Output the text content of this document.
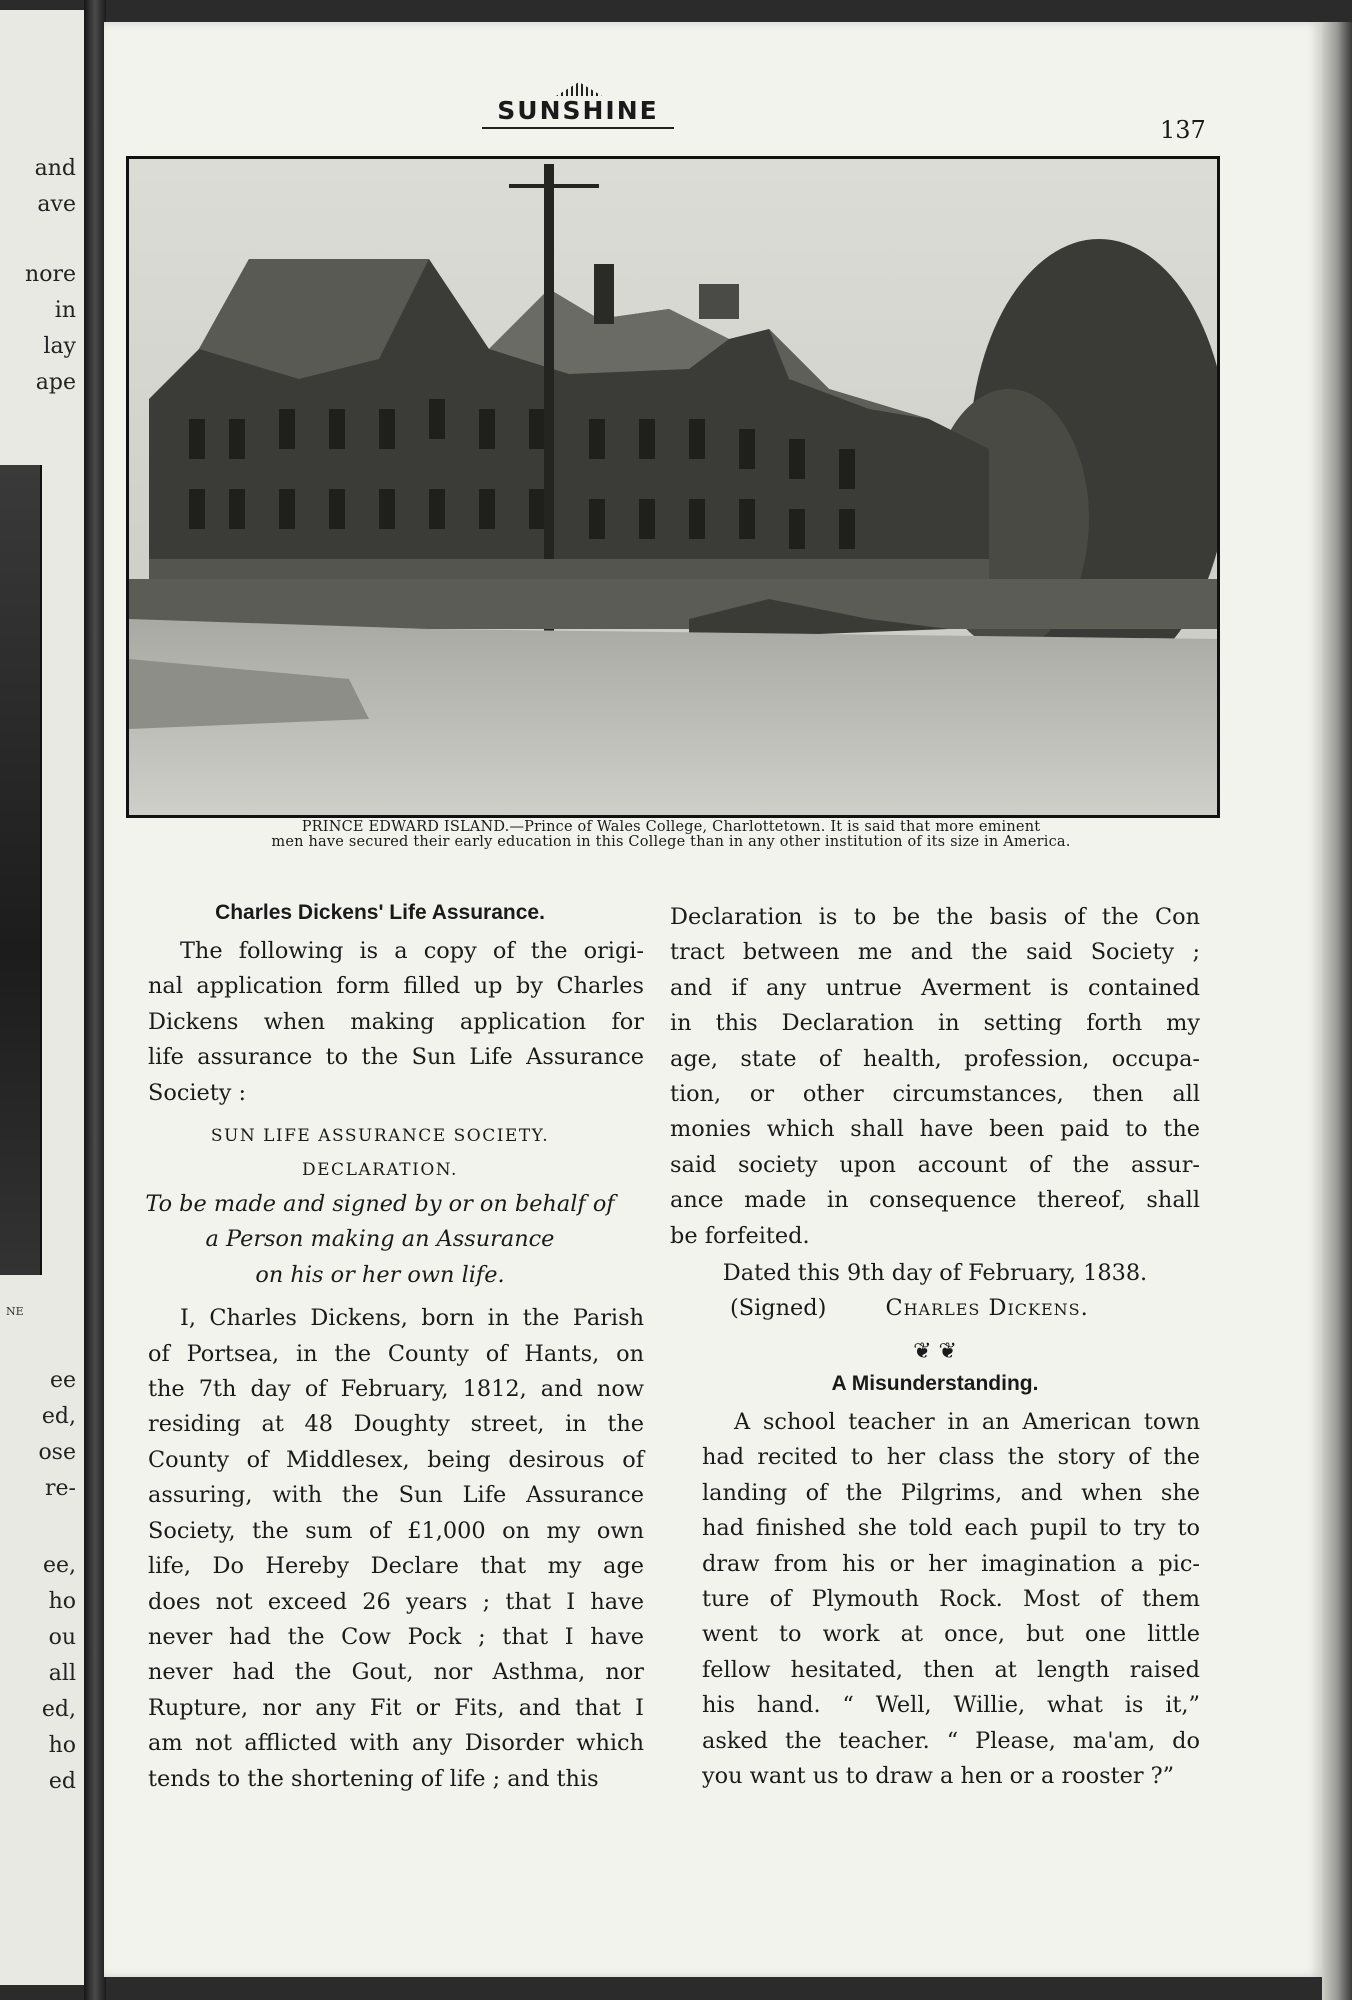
and
ave
nore
in
lay
ape
NE
ee
ed,
ose
re-
ee,
ho
ou
all
ed,
ho
ed
SUNSHINE
137
PRINCE EDWARD ISLAND.—Prince of Wales College, Charlottetown. It is said that more eminent
men have secured their early education in this College than in any other institution of its size in America.
Charles Dickens' Life Assurance.
The following is a copy of the origi-
nal application form filled up by Charles
Dickens when making application for
life assurance to the Sun Life Assurance
Society :
SUN LIFE ASSURANCE SOCIETY.
DECLARATION.
To be made and signed by or on behalf of
a Person making an Assurance
on his or her own life.
I, Charles Dickens, born in the Parish
of Portsea, in the County of Hants, on
the 7th day of February, 1812, and now
residing at 48 Doughty street, in the
County of Middlesex, being desirous of
assuring, with the Sun Life Assurance
Society, the sum of £1,000 on my own
life, Do Hereby Declare that my age
does not exceed 26 years ; that I have
never had the Cow Pock ; that I have
never had the Gout, nor Asthma, nor
Rupture, nor any Fit or Fits, and that I
am not afflicted with any Disorder which
tends to the shortening of life ; and this
Declaration is to be the basis of the Con
tract between me and the said Society ;
and if any untrue Averment is contained
in this Declaration in setting forth my
age, state of health, profession, occupa-
tion, or other circumstances, then all
monies which shall have been paid to the
said society upon account of the assur-
ance made in consequence thereof, shall
be forfeited.
Dated this 9th day of February, 1838.
(Signed)	Charles Dickens.
❦ ❦
A Misunderstanding.
A school teacher in an American town
had recited to her class the story of the
landing of the Pilgrims, and when she
had finished she told each pupil to try to
draw from his or her imagination a pic-
ture of Plymouth Rock. Most of them
went to work at once, but one little
fellow hesitated, then at length raised
his hand. “ Well, Willie, what is it,”
asked the teacher. “ Please, ma'am, do
you want us to draw a hen or a rooster ?”
